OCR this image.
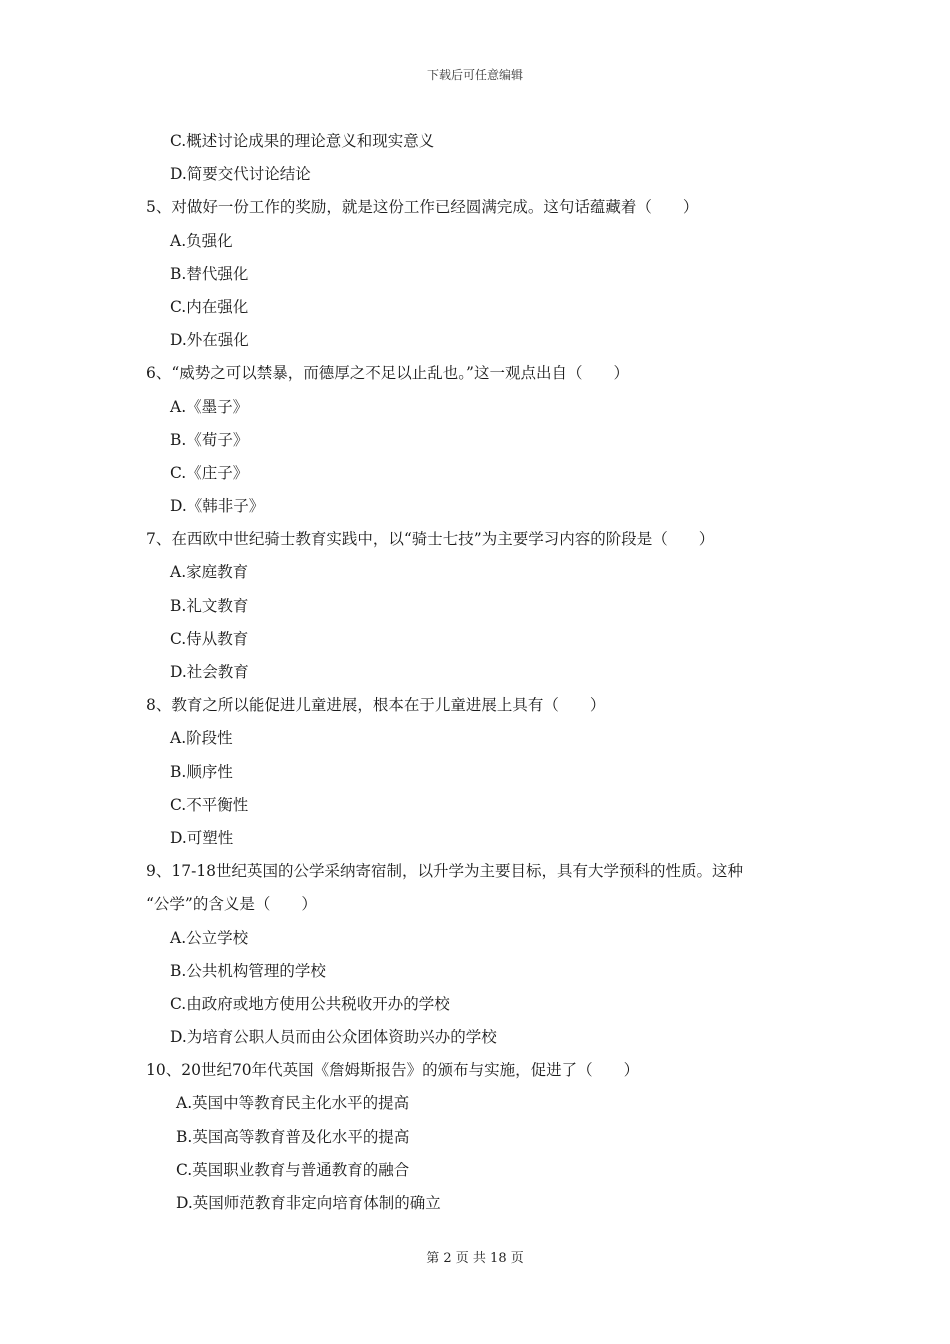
下载后可任意编辑
C.概述讨论成果的理论意义和现实意义
D.简要交代讨论结论
5、对做好一份工作的奖励，就是这份工作已经圆满完成。这句话蕴藏着（　　）
A.负强化
B.替代强化
C.内在强化
D.外在强化
6、“威势之可以禁暴，而德厚之不足以止乱也。”这一观点出自（　　）
A.《墨子》
B.《荀子》
C.《庄子》
D.《韩非子》
7、在西欧中世纪骑士教育实践中，以“骑士七技”为主要学习内容的阶段是（　　）
A.家庭教育
B.礼文教育
C.侍从教育
D.社会教育
8、教育之所以能促进儿童进展，根本在于儿童进展上具有（　　）
A.阶段性
B.顺序性
C.不平衡性
D.可塑性
9、17-18世纪英国的公学采纳寄宿制，以升学为主要目标，具有大学预科的性质。这种
“公学”的含义是（　　）
A.公立学校
B.公共机构管理的学校
C.由政府或地方使用公共税收开办的学校
D.为培育公职人员而由公众团体资助兴办的学校
10、20世纪70年代英国《詹姆斯报告》的颁布与实施，促进了（　　）
A.英国中等教育民主化水平的提高
B.英国高等教育普及化水平的提高
C.英国职业教育与普通教育的融合
D.英国师范教育非定向培育体制的确立
第 2 页 共 18 页
